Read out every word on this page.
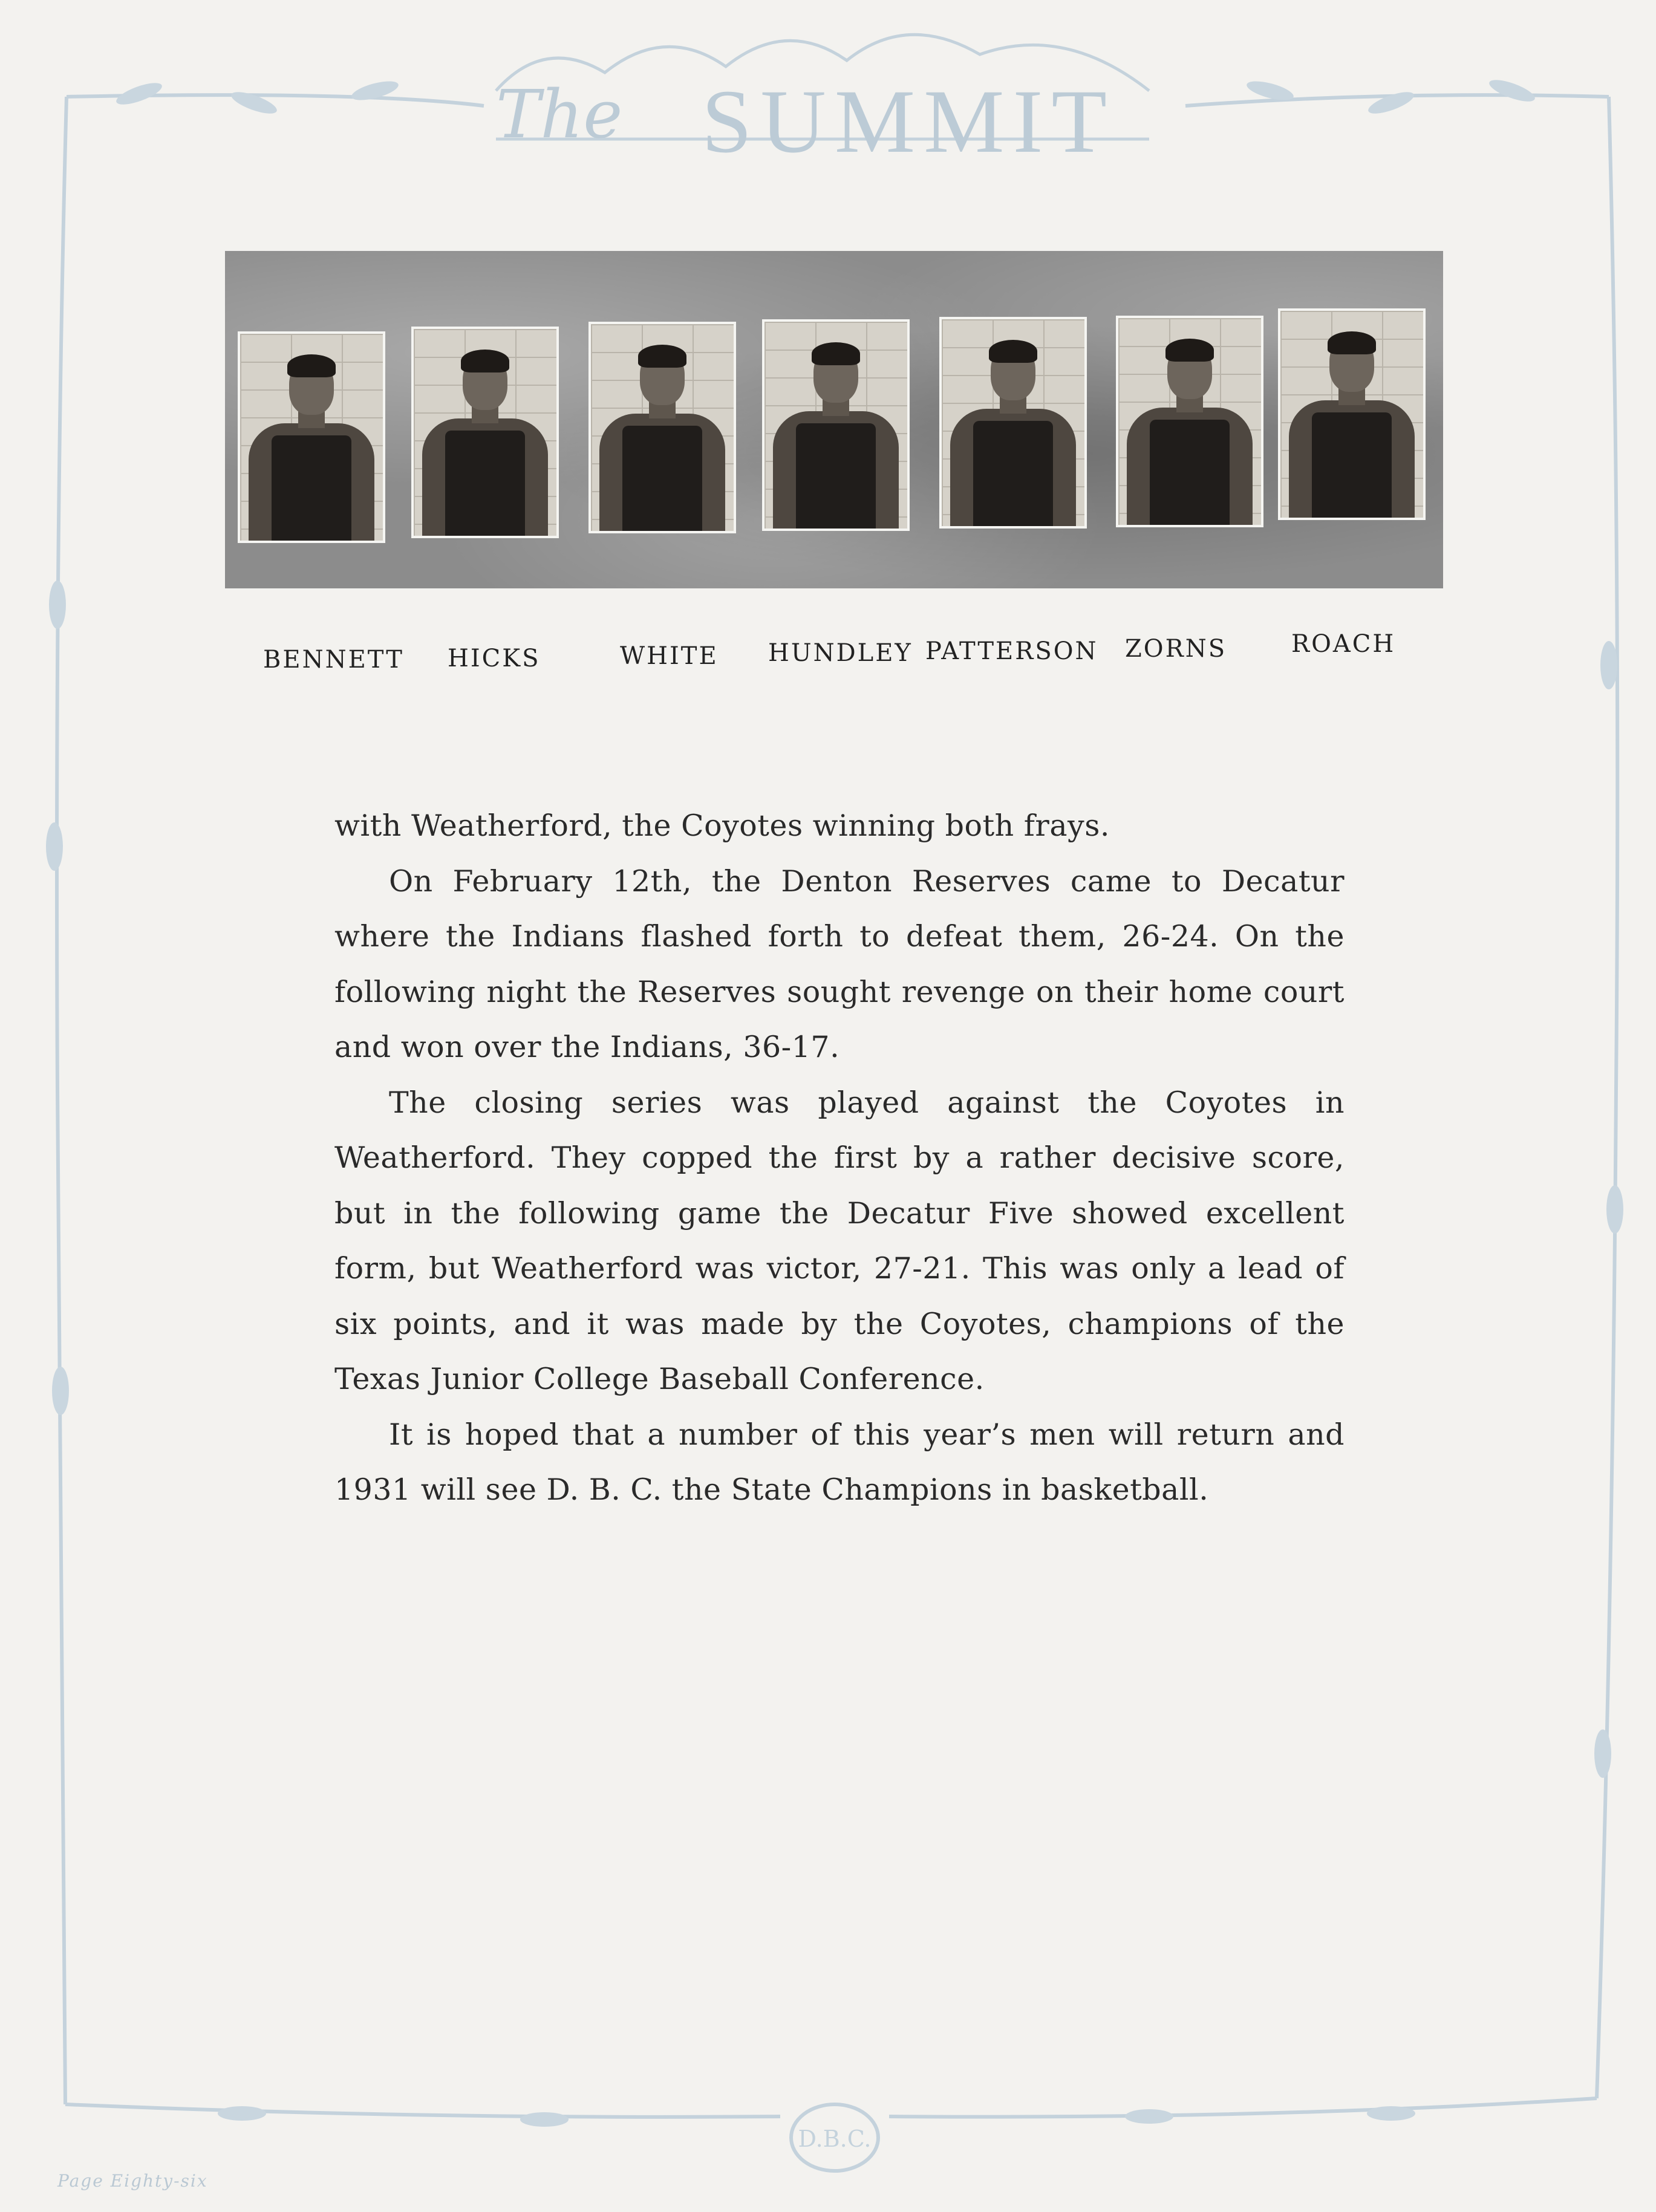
The SUMMIT
BENNETT HICKS	WHITE HUNDLEY PATTERSON ZORNS	ROACH

with Weatherford, the Coyotes winning both frays.

On February 12th, the Denton Reserves came to Decatur where the Indians flashed forth to defeat them, 26-24. On the following night the Reserves sought revenge on their home court and won over the Indians, 36-17.

The closing series was played against the Coyotes in Weatherford. They copped the first by a rather decisive score, but in the following game the Decatur Five showed excellent form, but Weatherford was victor, 27-21. This was only a lead of six points, and it was made by the Coyotes, champions of the Texas Junior College Baseball Conference.

It is hoped that a number of this year’s men will return and 1931 will see D. B. C. the State Champions in basketball.

D.B.C.
Page Eighty-six
